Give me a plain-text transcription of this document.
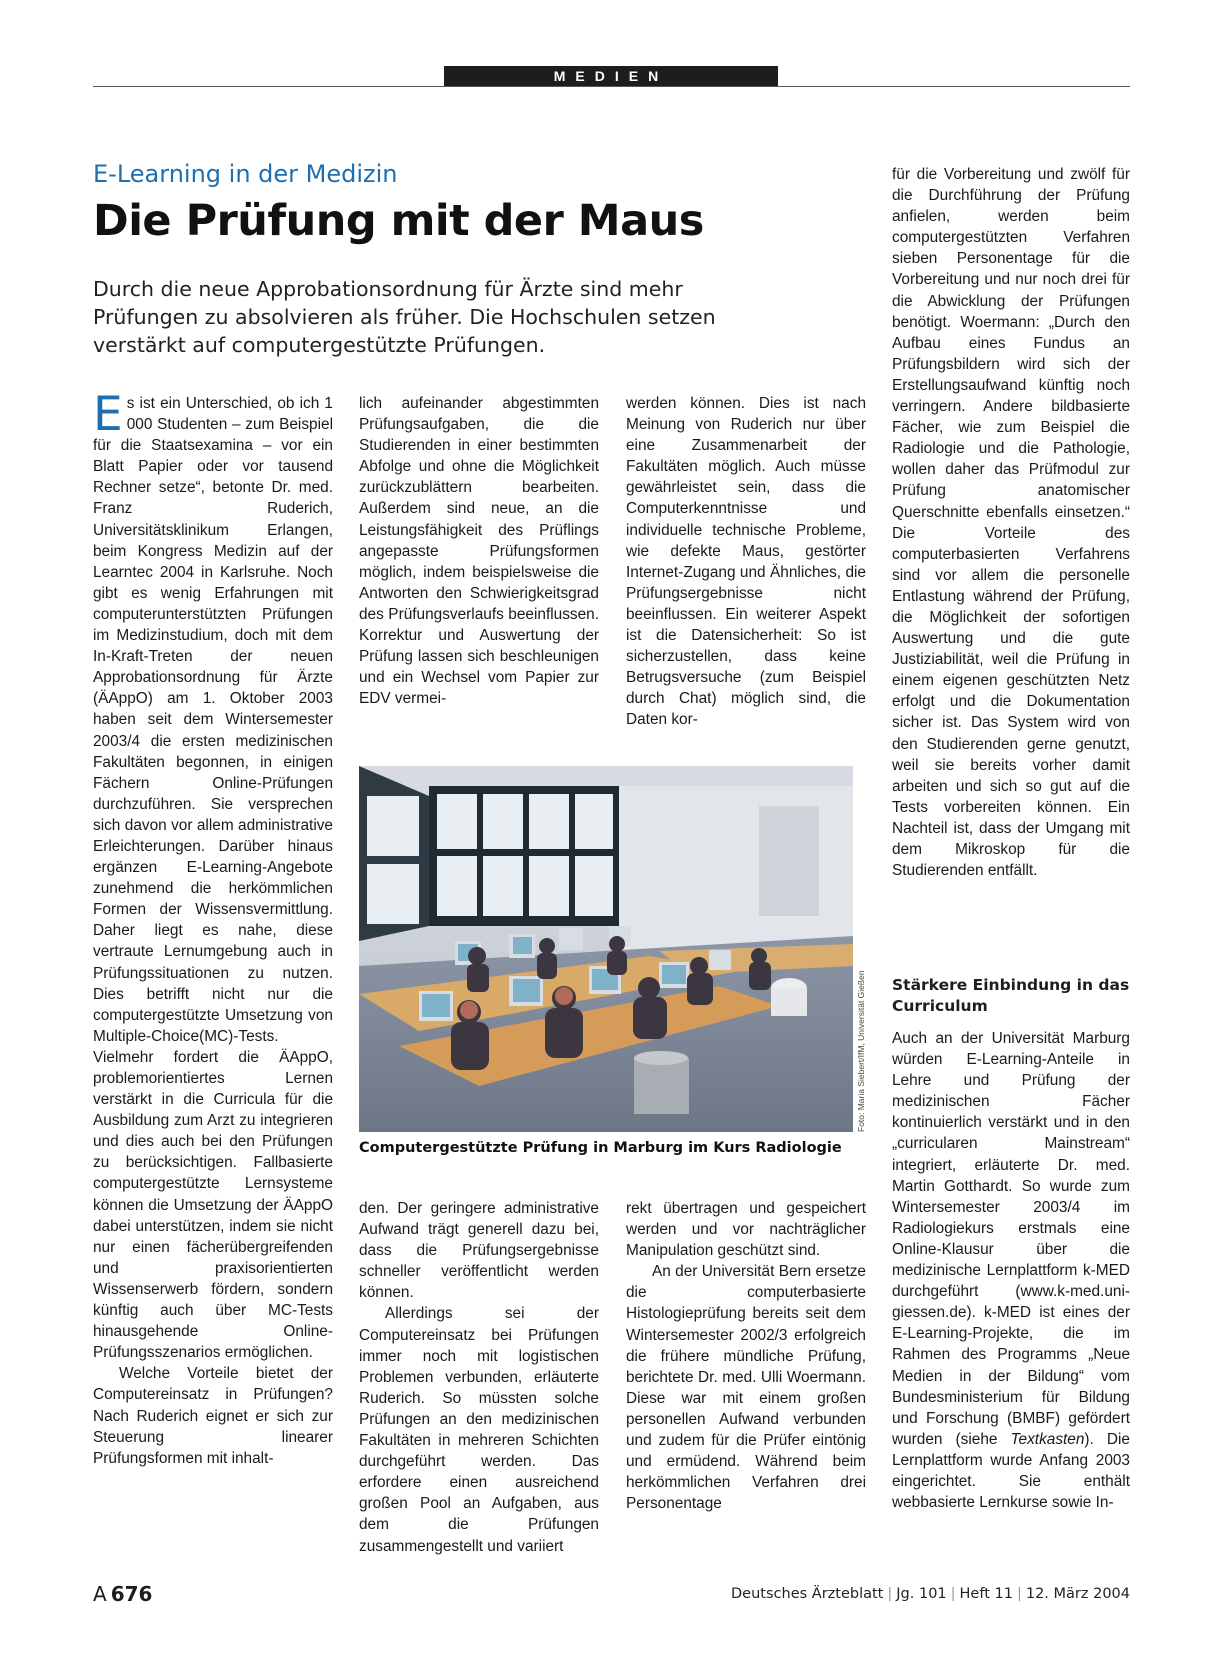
MEDIEN
E-Learning in der Medizin
Die Prüfung mit der Maus

Durch die neue Approbationsordnung für Ärzte sind mehr Prüfungen zu absolvieren als früher. Die Hochschulen setzen verstärkt auf computergestützte Prüfungen.

Es ist ein Unterschied, ob ich 1 000 Studenten – zum Beispiel für die Staatsexamina – vor ein Blatt Papier oder vor tausend Rechner setze“, betonte Dr. med. Franz Ruderich, Universitätsklinikum Erlangen, beim Kongress Medizin auf der Learntec 2004 in Karlsruhe. Noch gibt es wenig Erfahrungen mit computerunterstützten Prüfungen im Medizinstudium, doch mit dem In-Kraft-Treten der neuen Approbationsordnung für Ärzte (ÄAppO) am 1. Oktober 2003 haben seit dem Wintersemester 2003/4 die ersten medizinischen Fakultäten begonnen, in einigen Fächern Online-Prüfungen durchzuführen. Sie versprechen sich davon vor allem administrative Erleichterungen. Darüber hinaus ergänzen E-Learning-Angebote zunehmend die herkömmlichen Formen der Wissensvermittlung. Daher liegt es nahe, diese vertraute Lernumgebung auch in Prüfungssituationen zu nutzen. Dies betrifft nicht nur die computergestützte Umsetzung von Multiple-Choice(MC)-Tests. Vielmehr fordert die ÄAppO, problemorientiertes Lernen verstärkt in die Curricula für die Ausbildung zum Arzt zu integrieren und dies auch bei den Prüfungen zu berücksichtigen. Fallbasierte computergestützte Lernsysteme können die Umsetzung der ÄAppO dabei unterstützen, indem sie nicht nur einen fächerübergreifenden und praxisorientierten Wissenserwerb fördern, sondern künftig auch über MC-Tests hinausgehende Online-Prüfungsszenarios ermöglichen.

Welche Vorteile bietet der Computereinsatz in Prüfungen? Nach Ruderich eignet er sich zur Steuerung linearer Prüfungsformen mit inhalt-

lich aufeinander abgestimmten Prüfungsaufgaben, die die Studierenden in einer bestimmten Abfolge und ohne die Möglichkeit zurückzublättern bearbeiten. Außerdem sind neue, an die Leistungsfähigkeit des Prüflings angepasste Prüfungsformen möglich, indem beispielsweise die Antworten den Schwierigkeitsgrad des Prüfungsverlaufs beeinflussen. Korrektur und Auswertung der Prüfung lassen sich beschleunigen und ein Wechsel vom Papier zur EDV vermei-

werden können. Dies ist nach Meinung von Ruderich nur über eine Zusammenarbeit der Fakultäten möglich. Auch müsse gewährleistet sein, dass die Computerkenntnisse und individuelle technische Probleme, wie defekte Maus, gestörter Internet-Zugang und Ähnliches, die Prüfungsergebnisse nicht beeinflussen. Ein weiterer Aspekt ist die Datensicherheit: So ist sicherzustellen, dass keine Betrugsversuche (zum Beispiel durch Chat) möglich sind, die Daten kor-

Foto: Maria Siebert/IfM, Universität Gießen
Computergestützte Prüfung in Marburg im Kurs Radiologie

den. Der geringere administrative Aufwand trägt generell dazu bei, dass die Prüfungsergebnisse schneller veröffentlicht werden können.

Allerdings sei der Computereinsatz bei Prüfungen immer noch mit logistischen Problemen verbunden, erläuterte Ruderich. So müssten solche Prüfungen an den medizinischen Fakultäten in mehreren Schichten durchgeführt werden. Das erfordere einen ausreichend großen Pool an Aufgaben, aus dem die Prüfungen zusammengestellt und variiert

rekt übertragen und gespeichert werden und vor nachträglicher Manipulation geschützt sind.

An der Universität Bern ersetze die computerbasierte Histologieprüfung bereits seit dem Wintersemester 2002/3 erfolgreich die frühere mündliche Prüfung, berichtete Dr. med. Ulli Woermann. Diese war mit einem großen personellen Aufwand verbunden und zudem für die Prüfer eintönig und ermüdend. Während beim herkömmlichen Verfahren drei Personentage

für die Vorbereitung und zwölf für die Durchführung der Prüfung anfielen, werden beim computergestützten Verfahren sieben Personentage für die Vorbereitung und nur noch drei für die Abwicklung der Prüfungen benötigt. Woermann: „Durch den Aufbau eines Fundus an Prüfungsbildern wird sich der Erstellungsaufwand künftig noch verringern. Andere bildbasierte Fächer, wie zum Beispiel die Radiologie und die Pathologie, wollen daher das Prüfmodul zur Prüfung anatomischer Querschnitte ebenfalls einsetzen.“ Die Vorteile des computerbasierten Verfahrens sind vor allem die personelle Entlastung während der Prüfung, die Möglichkeit der sofortigen Auswertung und die gute Justiziabilität, weil die Prüfung in einem eigenen geschützten Netz erfolgt und die Dokumentation sicher ist. Das System wird von den Studierenden gerne genutzt, weil sie bereits vorher damit arbeiten und sich so gut auf die Tests vorbereiten können. Ein Nachteil ist, dass der Umgang mit dem Mikroskop für die Studierenden entfällt.

Stärkere Einbindung in das Curriculum

Auch an der Universität Marburg würden E-Learning-Anteile in Lehre und Prüfung der medizinischen Fächer kontinuierlich verstärkt und in den „curricularen Mainstream“ integriert, erläuterte Dr. med. Martin Gotthardt. So wurde zum Wintersemester 2003/4 im Radiologiekurs erstmals eine Online-Klausur über die medizinische Lernplattform k-MED durchgeführt (www.k-med.uni-giessen.de). k-MED ist eines der E-Learning-Projekte, die im Rahmen des Programms „Neue Medien in der Bildung“ vom Bundesministerium für Bildung und Forschung (BMBF) gefördert wurden (siehe Textkasten). Die Lernplattform wurde Anfang 2003 eingerichtet. Sie enthält webbasierte Lernkurse sowie In-

A 676	Deutsches Ärzteblatt | Jg. 101 | Heft 11 | 12. März 2004
